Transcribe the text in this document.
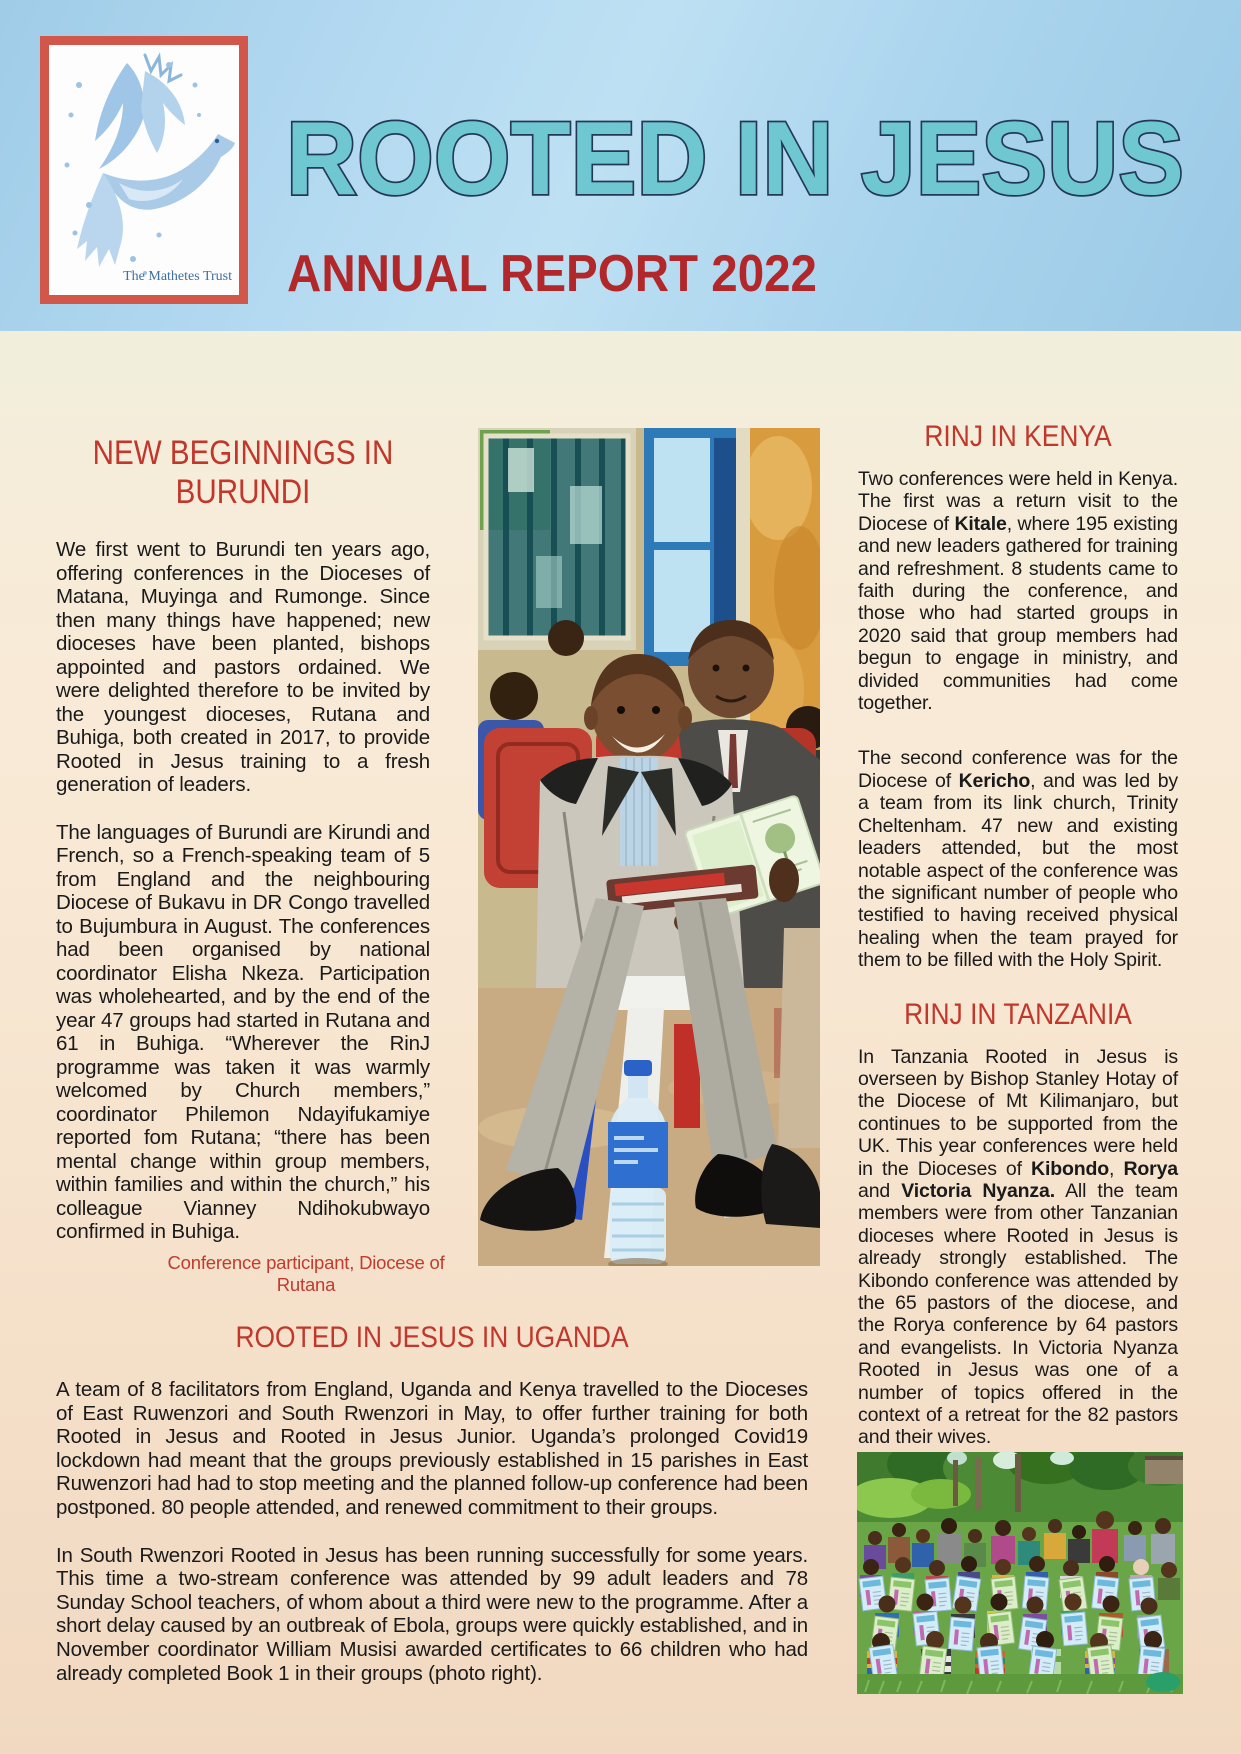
The Mathetes Trust
ROOTED IN JESUS
ANNUAL REPORT 2022
NEW BEGINNINGS IN BURUNDI

We first went to Burundi ten years ago, offering conferences in the Dioceses of Matana, Muyinga and Rumonge. Since then many things have happened; new dioceses have been planted, bishops appointed and pastors ordained. We were delighted therefore to be invited by the youngest dioceses, Rutana and Buhiga, both created in 2017, to provide Rooted in Jesus training to a fresh generation of leaders.

The languages of Burundi are Kirundi and French, so a French-speaking team of 5 from England and the neighbouring Diocese of Bukavu in DR Congo travelled to Bujumbura in August. The conferences had been organised by national coordinator Elisha Nkeza. Participation was wholehearted, and by the end of the year 47 groups had started in Rutana and 61 in Buhiga. “Wherever the RinJ programme was taken it was warmly welcomed by Church members,” coordinator Philemon Ndayifukamiye reported fom Rutana; “there has been mental change within group members, within families and within the church,” his colleague Vianney Ndihokubwayo confirmed in Buhiga.

Conference participant, Diocese of Rutana
RINJ IN KENYA

Two conferences were held in Kenya. The first was a return visit to the Diocese of Kitale, where 195 existing and new leaders gathered for training and refreshment. 8 students came to faith during the conference, and those who had started groups in 2020 said that group members had begun to engage in ministry, and divided communities had come together.

The second conference was for the Diocese of Kericho, and was led by a team from its link church, Trinity Cheltenham. 47 new and existing leaders attended, but the most notable aspect of the conference was the significant number of people who testified to having received physical healing when the team prayed for them to be filled with the Holy Spirit.

RINJ IN TANZANIA

In Tanzania Rooted in Jesus is overseen by Bishop Stanley Hotay of the Diocese of Mt Kilimanjaro, but continues to be supported from the UK. This year conferences were held in the Dioceses of Kibondo, Rorya and Victoria Nyanza. All the team members were from other Tanzanian dioceses where Rooted in Jesus is already strongly established. The Kibondo conference was attended by the 65 pastors of the diocese, and the Rorya conference by 64 pastors and evangelists. In Victoria Nyanza Rooted in Jesus was one of a number of topics offered in the context of a retreat for the 82 pastors and their wives.

ROOTED IN JESUS IN UGANDA

A team of 8 facilitators from England, Uganda and Kenya travelled to the Dioceses of East Ruwenzori and South Rwenzori in May, to offer further training for both Rooted in Jesus and Rooted in Jesus Junior. Uganda’s prolonged Covid19 lockdown had meant that the groups previously established in 15 parishes in East Ruwenzori had had to stop meeting and the planned follow-up conference had been postponed. 80 people attended, and renewed commitment to their groups.

In South Rwenzori Rooted in Jesus has been running successfully for some years. This time a two-stream conference was attended by 99 adult leaders and 78 Sunday School teachers, of whom about a third were new to the programme. After a short delay caused by an outbreak of Ebola, groups were quickly established, and in November coordinator William Musisi awarded certificates to 66 children who had already completed Book 1 in their groups (photo right).
